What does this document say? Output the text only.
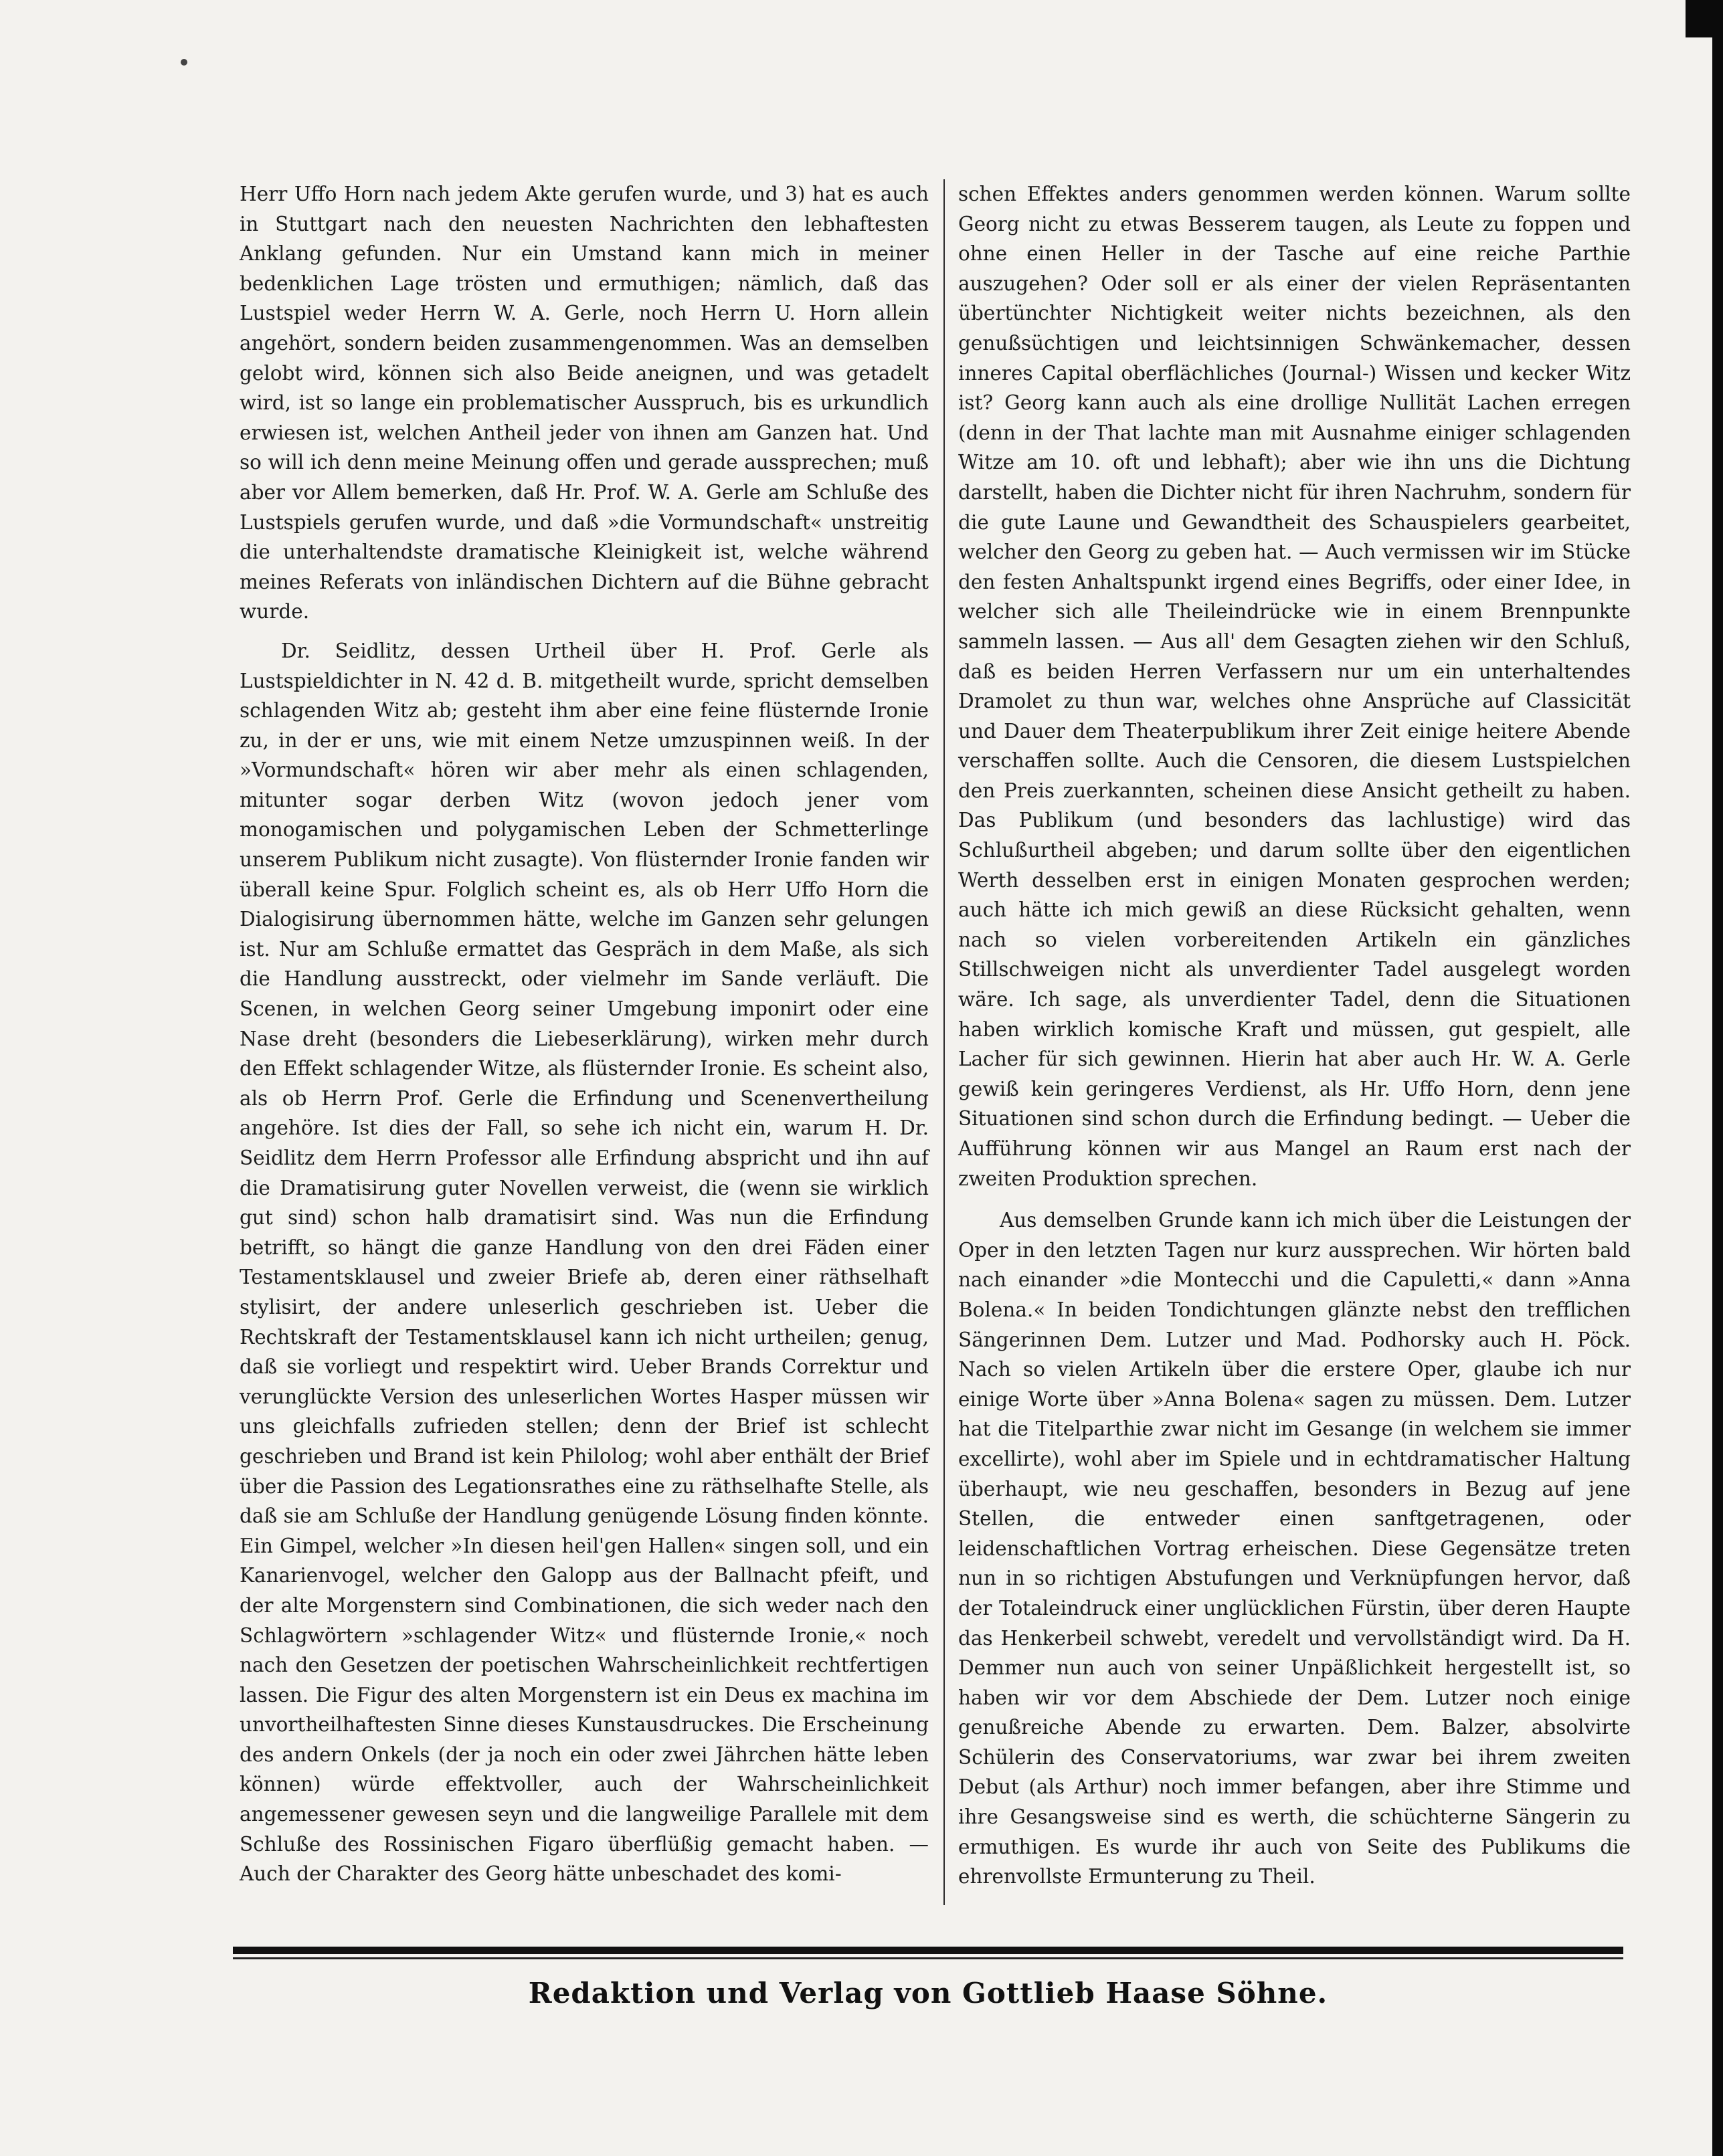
Herr Uffo Horn nach jedem Akte gerufen wurde, und 3) hat es auch in Stuttgart nach den neuesten Nachrichten den lebhaftesten Anklang gefunden. Nur ein Umstand kann mich in meiner bedenklichen Lage trösten und ermuthigen; nämlich, daß das Lustspiel weder Herrn W. A. Gerle, noch Herrn U. Horn allein angehört, sondern beiden zusammengenommen. Was an demselben gelobt wird, können sich also Beide aneignen, und was getadelt wird, ist so lange ein problematischer Ausspruch, bis es urkundlich erwiesen ist, welchen Antheil jeder von ihnen am Ganzen hat. Und so will ich denn meine Meinung offen und gerade aussprechen; muß aber vor Allem bemerken, daß Hr. Prof. W. A. Gerle am Schluße des Lustspiels gerufen wurde, und daß »die Vormundschaft« unstreitig die unterhaltendste dramatische Kleinigkeit ist, welche während meines Referats von inländischen Dichtern auf die Bühne gebracht wurde.

Dr. Seidlitz, dessen Urtheil über H. Prof. Gerle als Lustspieldichter in N. 42 d. B. mitgetheilt wurde, spricht demselben schlagenden Witz ab; gesteht ihm aber eine feine flüsternde Ironie zu, in der er uns, wie mit einem Netze umzuspinnen weiß. In der »Vormundschaft« hören wir aber mehr als einen schlagenden, mitunter sogar derben Witz (wovon jedoch jener vom monogamischen und polygamischen Leben der Schmetterlinge unserem Publikum nicht zusagte). Von flüsternder Ironie fanden wir überall keine Spur. Folglich scheint es, als ob Herr Uffo Horn die Dialogisirung übernommen hätte, welche im Ganzen sehr gelungen ist. Nur am Schluße ermattet das Gespräch in dem Maße, als sich die Handlung ausstreckt, oder vielmehr im Sande verläuft. Die Scenen, in welchen Georg seiner Umgebung imponirt oder eine Nase dreht (besonders die Liebeserklärung), wirken mehr durch den Effekt schlagender Witze, als flüsternder Ironie. Es scheint also, als ob Herrn Prof. Gerle die Erfindung und Scenenvertheilung angehöre. Ist dies der Fall, so sehe ich nicht ein, warum H. Dr. Seidlitz dem Herrn Professor alle Erfindung abspricht und ihn auf die Dramatisirung guter Novellen verweist, die (wenn sie wirklich gut sind) schon halb dramatisirt sind. Was nun die Erfindung betrifft, so hängt die ganze Handlung von den drei Fäden einer Testamentsklausel und zweier Briefe ab, deren einer räthselhaft stylisirt, der andere unleserlich geschrieben ist. Ueber die Rechtskraft der Testamentsklausel kann ich nicht urtheilen; genug, daß sie vorliegt und respektirt wird. Ueber Brands Correktur und verunglückte Version des unleserlichen Wortes Hasper müssen wir uns gleichfalls zufrieden stellen; denn der Brief ist schlecht geschrieben und Brand ist kein Philolog; wohl aber enthält der Brief über die Passion des Legationsrathes eine zu räthselhafte Stelle, als daß sie am Schluße der Handlung genügende Lösung finden könnte. Ein Gimpel, welcher »In diesen heil'gen Hallen« singen soll, und ein Kanarienvogel, welcher den Galopp aus der Ballnacht pfeift, und der alte Morgenstern sind Combinationen, die sich weder nach den Schlagwörtern »schlagender Witz« und flüsternde Ironie,« noch nach den Gesetzen der poetischen Wahrscheinlichkeit rechtfertigen lassen. Die Figur des alten Morgenstern ist ein Deus ex machina im unvortheilhaftesten Sinne dieses Kunstausdruckes. Die Erscheinung des andern Onkels (der ja noch ein oder zwei Jährchen hätte leben können) würde effektvoller, auch der Wahrscheinlichkeit angemessener gewesen seyn und die langweilige Parallele mit dem Schluße des Rossinischen Figaro überflüßig gemacht haben. — Auch der Charakter des Georg hätte unbeschadet des komi-

schen Effektes anders genommen werden können. Warum sollte Georg nicht zu etwas Besserem taugen, als Leute zu foppen und ohne einen Heller in der Tasche auf eine reiche Parthie auszugehen? Oder soll er als einer der vielen Repräsentanten übertünchter Nichtigkeit weiter nichts bezeichnen, als den genußsüchtigen und leichtsinnigen Schwänkemacher, dessen inneres Capital oberflächliches (Journal-) Wissen und kecker Witz ist? Georg kann auch als eine drollige Nullität Lachen erregen (denn in der That lachte man mit Ausnahme einiger schlagenden Witze am 10. oft und lebhaft); aber wie ihn uns die Dichtung darstellt, haben die Dichter nicht für ihren Nachruhm, sondern für die gute Laune und Gewandtheit des Schauspielers gearbeitet, welcher den Georg zu geben hat. — Auch vermissen wir im Stücke den festen Anhaltspunkt irgend eines Begriffs, oder einer Idee, in welcher sich alle Theileindrücke wie in einem Brennpunkte sammeln lassen. — Aus all' dem Gesagten ziehen wir den Schluß, daß es beiden Herren Verfassern nur um ein unterhaltendes Dramolet zu thun war, welches ohne Ansprüche auf Classicität und Dauer dem Theaterpublikum ihrer Zeit einige heitere Abende verschaffen sollte. Auch die Censoren, die diesem Lustspielchen den Preis zuerkannten, scheinen diese Ansicht getheilt zu haben. Das Publikum (und besonders das lachlustige) wird das Schlußurtheil abgeben; und darum sollte über den eigentlichen Werth desselben erst in einigen Monaten gesprochen werden; auch hätte ich mich gewiß an diese Rücksicht gehalten, wenn nach so vielen vorbereitenden Artikeln ein gänzliches Stillschweigen nicht als unverdienter Tadel ausgelegt worden wäre. Ich sage, als unverdienter Tadel, denn die Situationen haben wirklich komische Kraft und müssen, gut gespielt, alle Lacher für sich gewinnen. Hierin hat aber auch Hr. W. A. Gerle gewiß kein geringeres Verdienst, als Hr. Uffo Horn, denn jene Situationen sind schon durch die Erfindung bedingt. — Ueber die Aufführung können wir aus Mangel an Raum erst nach der zweiten Produktion sprechen.

Aus demselben Grunde kann ich mich über die Leistungen der Oper in den letzten Tagen nur kurz aussprechen. Wir hörten bald nach einander »die Montecchi und die Capuletti,« dann »Anna Bolena.« In beiden Tondichtungen glänzte nebst den trefflichen Sängerinnen Dem. Lutzer und Mad. Podhorsky auch H. Pöck. Nach so vielen Artikeln über die erstere Oper, glaube ich nur einige Worte über »Anna Bolena« sagen zu müssen. Dem. Lutzer hat die Titelparthie zwar nicht im Gesange (in welchem sie immer excellirte), wohl aber im Spiele und in echtdramatischer Haltung überhaupt, wie neu geschaffen, besonders in Bezug auf jene Stellen, die entweder einen sanftgetragenen, oder leidenschaftlichen Vortrag erheischen. Diese Gegensätze treten nun in so richtigen Abstufungen und Verknüpfungen hervor, daß der Totaleindruck einer unglücklichen Fürstin, über deren Haupte das Henkerbeil schwebt, veredelt und vervollständigt wird. Da H. Demmer nun auch von seiner Unpäßlichkeit hergestellt ist, so haben wir vor dem Abschiede der Dem. Lutzer noch einige genußreiche Abende zu erwarten. Dem. Balzer, absolvirte Schülerin des Conservatoriums, war zwar bei ihrem zweiten Debut (als Arthur) noch immer befangen, aber ihre Stimme und ihre Gesangsweise sind es werth, die schüchterne Sängerin zu ermuthigen. Es wurde ihr auch von Seite des Publikums die ehrenvollste Ermunterung zu Theil.

Redaktion und Verlag von Gottlieb Haase Söhne.
